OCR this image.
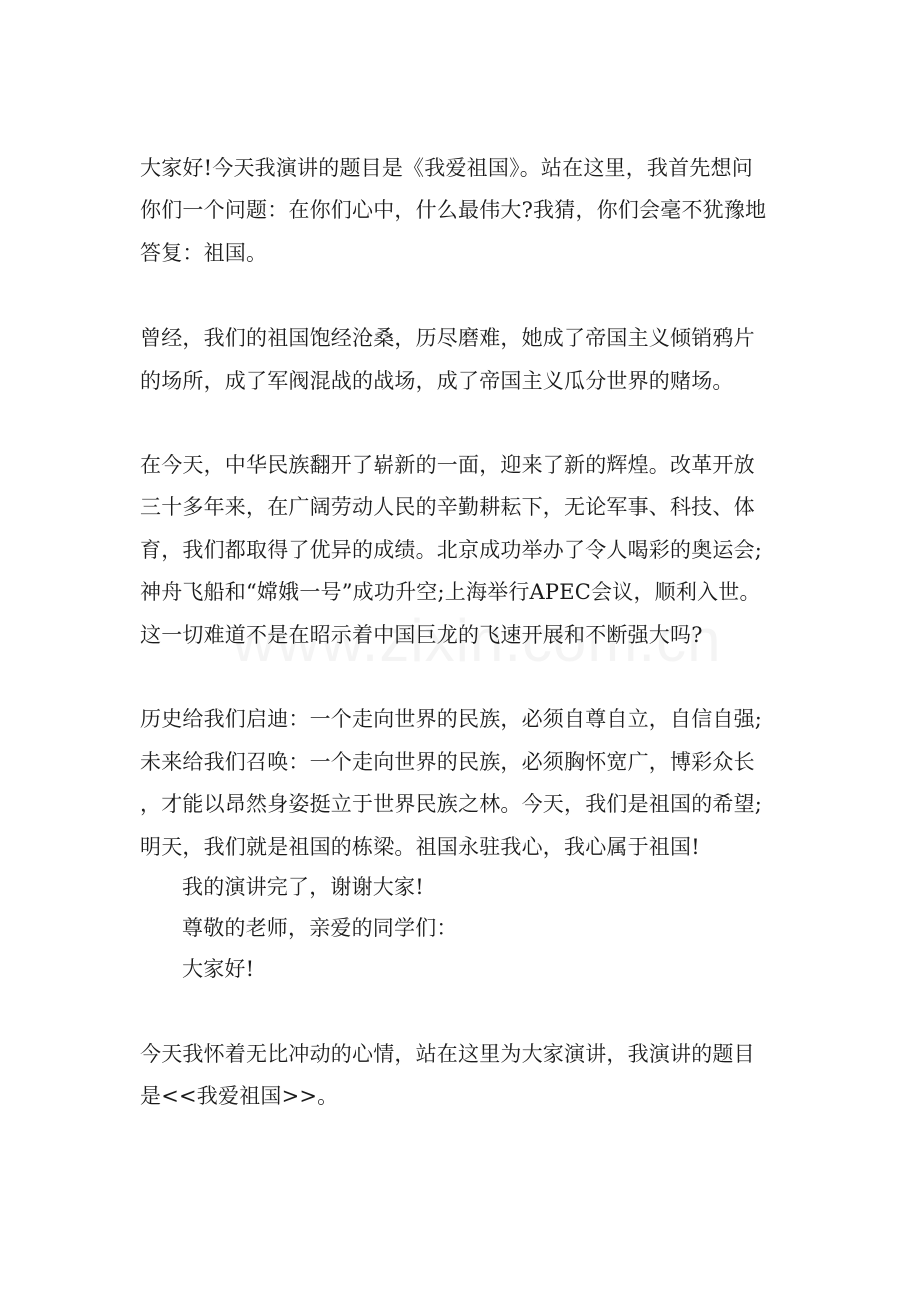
大家好!今天我演讲的题目是《我爱祖国》。站在这里，我首先想问
你们一个问题：在你们心中，什么最伟大?我猜，你们会毫不犹豫地
答复：祖国。
曾经，我们的祖国饱经沧桑，历尽磨难，她成了帝国主义倾销鸦片
的场所，成了军阀混战的战场，成了帝国主义瓜分世界的赌场。
在今天，中华民族翻开了崭新的一面，迎来了新的辉煌。改革开放
三十多年来，在广阔劳动人民的辛勤耕耘下，无论军事、科技、体
育，我们都取得了优异的成绩。北京成功举办了令人喝彩的奥运会;
神舟飞船和“嫦娥一号”成功升空;上海举行APEC会议，顺利入世。
这一切难道不是在昭示着中国巨龙的飞速开展和不断强大吗?
历史给我们启迪：一个走向世界的民族，必须自尊自立，自信自强;
未来给我们召唤：一个走向世界的民族，必须胸怀宽广，博彩众长
，才能以昂然身姿挺立于世界民族之林。今天，我们是祖国的希望;
明天，我们就是祖国的栋梁。祖国永驻我心，我心属于祖国!
我的演讲完了，谢谢大家!
尊敬的老师，亲爱的同学们：
大家好!
今天我怀着无比冲动的心情，站在这里为大家演讲，我演讲的题目
是<<我爱祖国>>。
